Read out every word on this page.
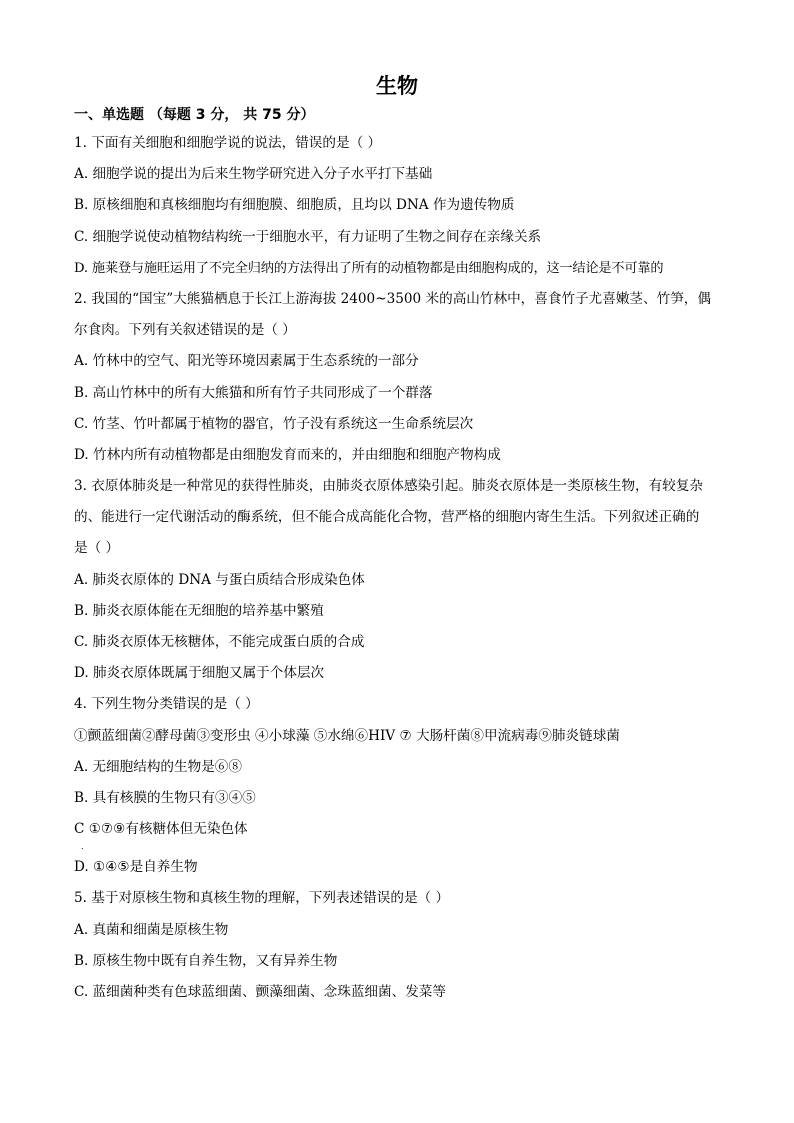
生物
一、单选题 （每题 3 分， 共 75 分）
1. 下面有关细胞和细胞学说的说法，错误的是（ ）
A. 细胞学说的提出为后来生物学研究进入分子水平打下基础
B. 原核细胞和真核细胞均有细胞膜、细胞质，且均以 DNA 作为遗传物质
C. 细胞学说使动植物结构统一于细胞水平，有力证明了生物之间存在亲缘关系
D. 施莱登与施旺运用了不完全归纳的方法得出了所有的动植物都是由细胞构成的，这一结论是不可靠的
2. 我国的“国宝”大熊猫栖息于长江上游海拔 2400~3500 米的高山竹林中，喜食竹子尤喜嫩茎、竹笋，偶
尔食肉。下列有关叙述错误的是（ ）
A. 竹林中的空气、阳光等环境因素属于生态系统的一部分
B. 高山竹林中的所有大熊猫和所有竹子共同形成了一个群落
C. 竹茎、竹叶都属于植物的器官，竹子没有系统这一生命系统层次
D. 竹林内所有动植物都是由细胞发育而来的，并由细胞和细胞产物构成
3. 衣原体肺炎是一种常见的获得性肺炎，由肺炎衣原体感染引起。肺炎衣原体是一类原核生物，有较复杂
的、能进行一定代谢活动的酶系统，但不能合成高能化合物，营严格的细胞内寄生生活。下列叙述正确的
是（ ）
A. 肺炎衣原体的 DNA 与蛋白质结合形成染色体
B. 肺炎衣原体能在无细胞的培养基中繁殖
C. 肺炎衣原体无核糖体，不能完成蛋白质的合成
D. 肺炎衣原体既属于细胞又属于个体层次
4. 下列生物分类错误的是（ ）
①颤蓝细菌②酵母菌③变形虫 ④小球藻 ⑤水绵⑥HIV ⑦ 大肠杆菌⑧甲流病毒⑨肺炎链球菌
A. 无细胞结构的生物是⑥⑧
B. 具有核膜的生物只有③④⑤
C ①⑦⑨有核糖体但无染色体
D. ①④⑤是自养生物
5. 基于对原核生物和真核生物的理解，下列表述错误的是（ ）
A. 真菌和细菌是原核生物
B. 原核生物中既有自养生物，又有异养生物
C. 蓝细菌种类有色球蓝细菌、颤藻细菌、念珠蓝细菌、发菜等
.
